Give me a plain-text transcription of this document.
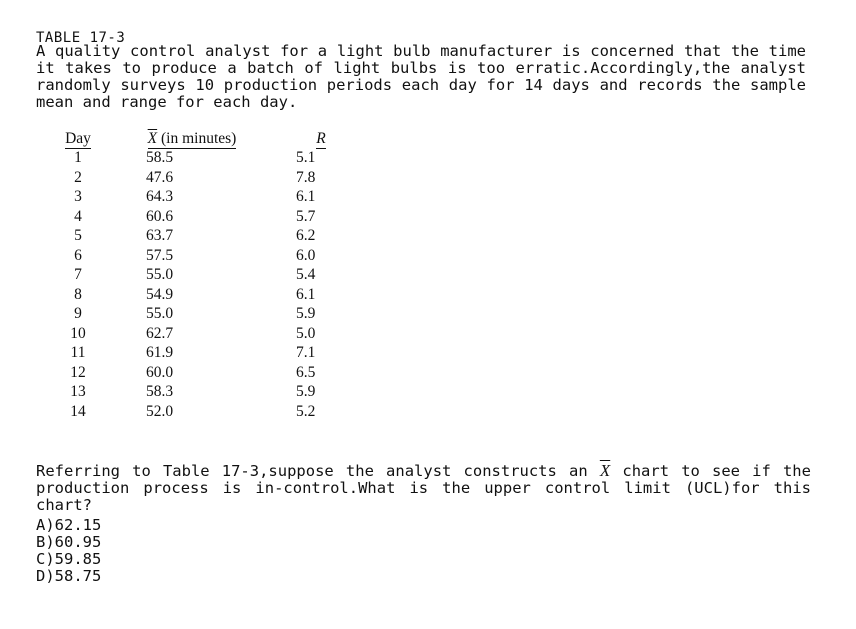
TABLE 17-3
A quality control analyst for a light bulb manufacturer is concerned that the time it takes to produce a batch of light bulbs is too erratic.Accordingly,the analyst randomly surveys 10 production periods each day for 14 days and records the sample mean and range for each day.
Day	$\overline{X}$ (in minutes)	R
1	58.5	5.1
2	47.6	7.8
3	64.3	6.1
4	60.6	5.7
5	63.7	6.2
6	57.5	6.0
7	55.0	5.4
8	54.9	6.1
9	55.0	5.9
10	62.7	5.0
11	61.9	7.1
12	60.0	6.5
13	58.3	5.9
14	52.0	5.2
Referring to Table 17-3,suppose the analyst constructs an $\overline{X}$ chart to see if the production process is in-control.What is the upper control limit (UCL)for this chart?
A)62.15
B)60.95
C)59.85
D)58.75
